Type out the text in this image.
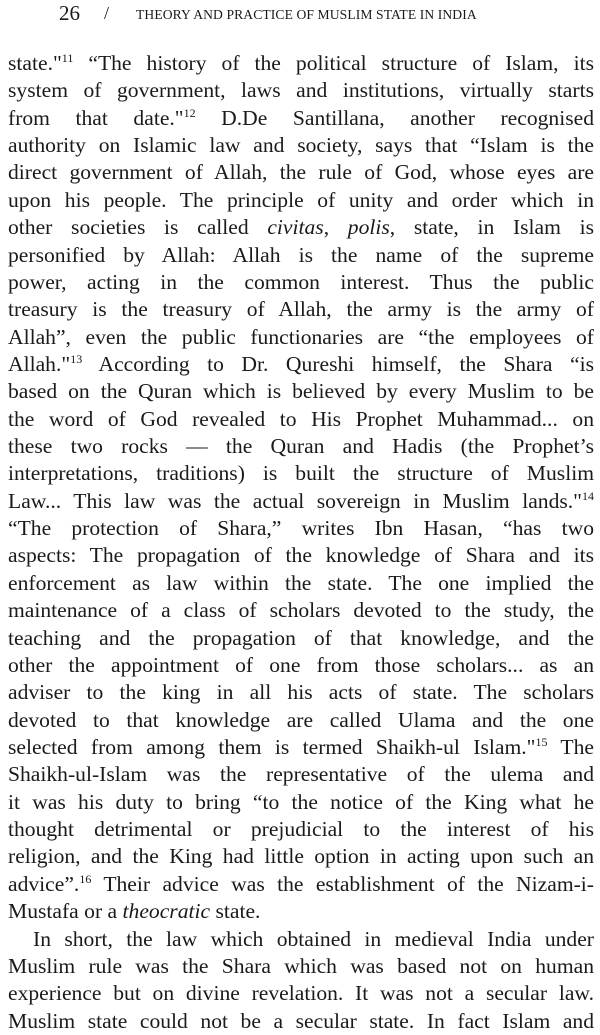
26 / THEORY AND PRACTICE OF MUSLIM STATE IN INDIA
state."$^{11}$ “The history of the political structure of Islam, its
system of government, laws and institutions, virtually starts
from that date."$^{12}$ D.De Santillana, another recognised
authority on Islamic law and society, says that “Islam is the
direct government of Allah, the rule of God, whose eyes are
upon his people. The principle of unity and order which in
other societies is called civitas, polis, state, in Islam is
personified by Allah: Allah is the name of the supreme
power, acting in the common interest. Thus the public
treasury is the treasury of Allah, the army is the army of
Allah”, even the public functionaries are “the employees of
Allah."$^{13}$ According to Dr. Qureshi himself, the Shara “is
based on the Quran which is believed by every Muslim to be
the word of God revealed to His Prophet Muhammad... on
these two rocks — the Quran and Hadis (the Prophet’s
interpretations, traditions) is built the structure of Muslim
Law... This law was the actual sovereign in Muslim lands."$^{14}$
“The protection of Shara,” writes Ibn Hasan, “has two
aspects: The propagation of the knowledge of Shara and its
enforcement as law within the state. The one implied the
maintenance of a class of scholars devoted to the study, the
teaching and the propagation of that knowledge, and the
other the appointment of one from those scholars... as an
adviser to the king in all his acts of state. The scholars
devoted to that knowledge are called Ulama and the one
selected from among them is termed Shaikh-ul Islam."$^{15}$ The
Shaikh-ul-Islam was the representative of the ulema and
it was his duty to bring “to the notice of the King what he
thought detrimental or prejudicial to the interest of his
religion, and the King had little option in acting upon such an
advice”.$^{16}$ Their advice was the establishment of the Nizam-i-
Mustafa or a theocratic state.
In short, the law which obtained in medieval India under
Muslim rule was the Shara which was based not on human
experience but on divine revelation. It was not a secular law.
Muslim state could not be a secular state. In fact Islam and
